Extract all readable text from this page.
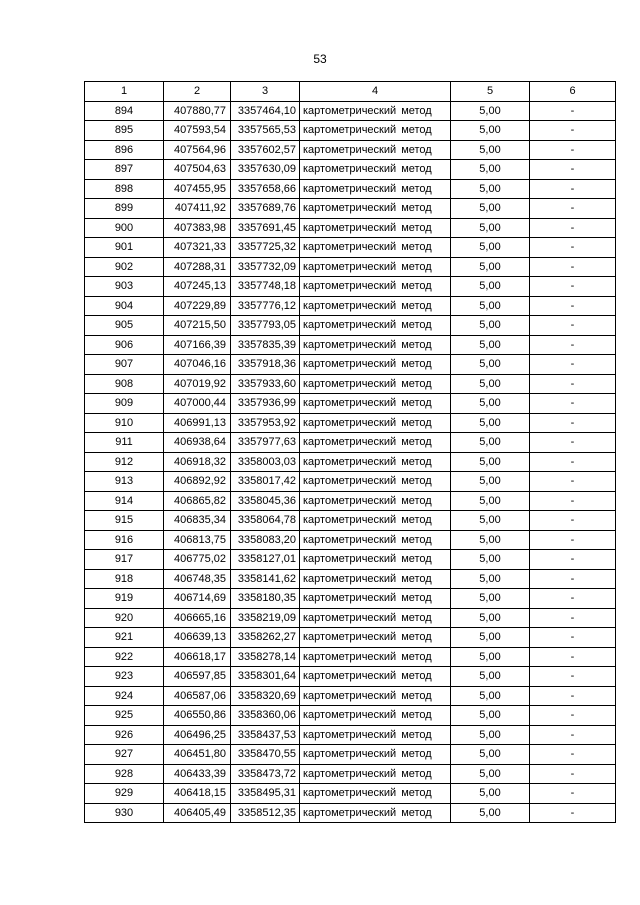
53
1	2	3	4	5	6
894	407880,77	3357464,10	картометрический метод	5,00	-
895	407593,54	3357565,53	картометрический метод	5,00	-
896	407564,96	3357602,57	картометрический метод	5,00	-
897	407504,63	3357630,09	картометрический метод	5,00	-
898	407455,95	3357658,66	картометрический метод	5,00	-
899	407411,92	3357689,76	картометрический метод	5,00	-
900	407383,98	3357691,45	картометрический метод	5,00	-
901	407321,33	3357725,32	картометрический метод	5,00	-
902	407288,31	3357732,09	картометрический метод	5,00	-
903	407245,13	3357748,18	картометрический метод	5,00	-
904	407229,89	3357776,12	картометрический метод	5,00	-
905	407215,50	3357793,05	картометрический метод	5,00	-
906	407166,39	3357835,39	картометрический метод	5,00	-
907	407046,16	3357918,36	картометрический метод	5,00	-
908	407019,92	3357933,60	картометрический метод	5,00	-
909	407000,44	3357936,99	картометрический метод	5,00	-
910	406991,13	3357953,92	картометрический метод	5,00	-
911	406938,64	3357977,63	картометрический метод	5,00	-
912	406918,32	3358003,03	картометрический метод	5,00	-
913	406892,92	3358017,42	картометрический метод	5,00	-
914	406865,82	3358045,36	картометрический метод	5,00	-
915	406835,34	3358064,78	картометрический метод	5,00	-
916	406813,75	3358083,20	картометрический метод	5,00	-
917	406775,02	3358127,01	картометрический метод	5,00	-
918	406748,35	3358141,62	картометрический метод	5,00	-
919	406714,69	3358180,35	картометрический метод	5,00	-
920	406665,16	3358219,09	картометрический метод	5,00	-
921	406639,13	3358262,27	картометрический метод	5,00	-
922	406618,17	3358278,14	картометрический метод	5,00	-
923	406597,85	3358301,64	картометрический метод	5,00	-
924	406587,06	3358320,69	картометрический метод	5,00	-
925	406550,86	3358360,06	картометрический метод	5,00	-
926	406496,25	3358437,53	картометрический метод	5,00	-
927	406451,80	3358470,55	картометрический метод	5,00	-
928	406433,39	3358473,72	картометрический метод	5,00	-
929	406418,15	3358495,31	картометрический метод	5,00	-
930	406405,49	3358512,35	картометрический метод	5,00	-
